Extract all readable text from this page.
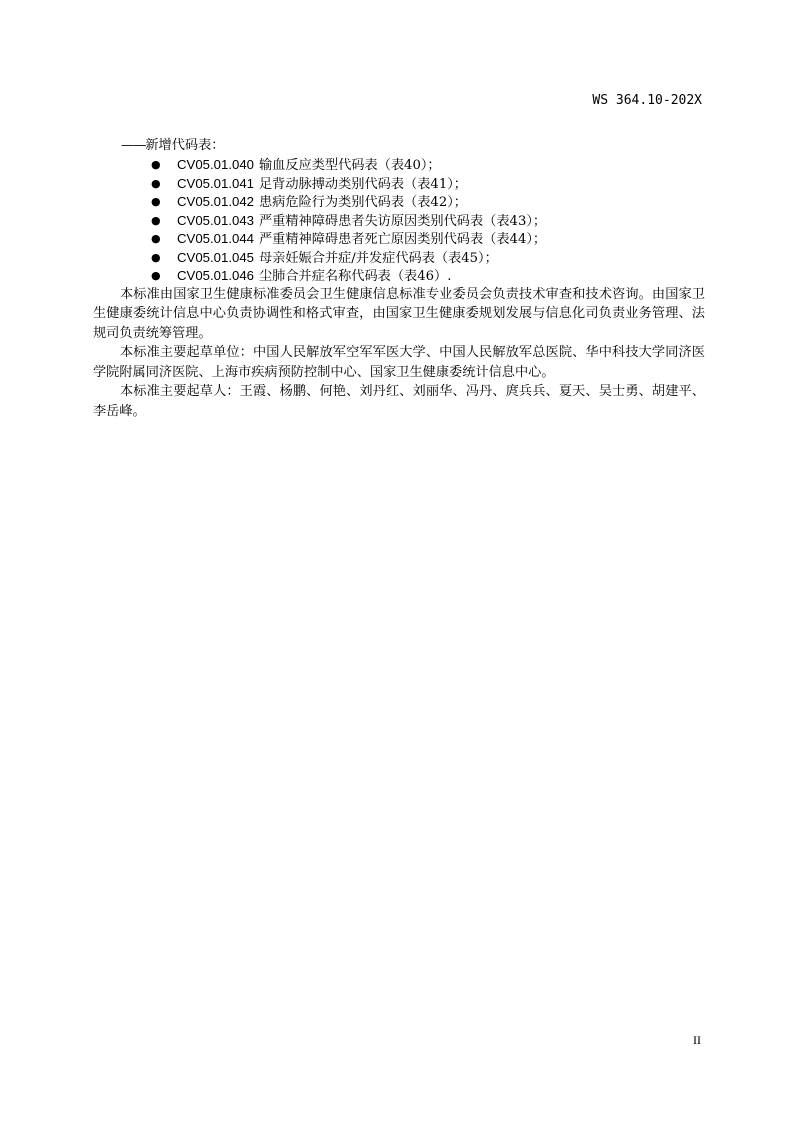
WS 364.10-202X
——新增代码表：
● CV05.01.040 输血反应类型代码表（表40）；
● CV05.01.041 足背动脉搏动类别代码表（表41）；
● CV05.01.042 患病危险行为类别代码表（表42）；
● CV05.01.043 严重精神障碍患者失访原因类别代码表（表43）；
● CV05.01.044 严重精神障碍患者死亡原因类别代码表（表44）；
● CV05.01.045 母亲妊娠合并症/并发症代码表（表45）；
● CV05.01.046 尘肺合并症名称代码表（表46）.

本标准由国家卫生健康标准委员会卫生健康信息标准专业委员会负责技术审查和技术咨询。由国家卫生健康委统计信息中心负责协调性和格式审查，由国家卫生健康委规划发展与信息化司负责业务管理、法规司负责统筹管理。

本标准主要起草单位：中国人民解放军空军军医大学、中国人民解放军总医院、华中科技大学同济医学院附属同济医院、上海市疾病预防控制中心、国家卫生健康委统计信息中心。

本标准主要起草人：王霞、杨鹏、何艳、刘丹红、刘丽华、冯丹、庹兵兵、夏天、吴士勇、胡建平、李岳峰。

II
